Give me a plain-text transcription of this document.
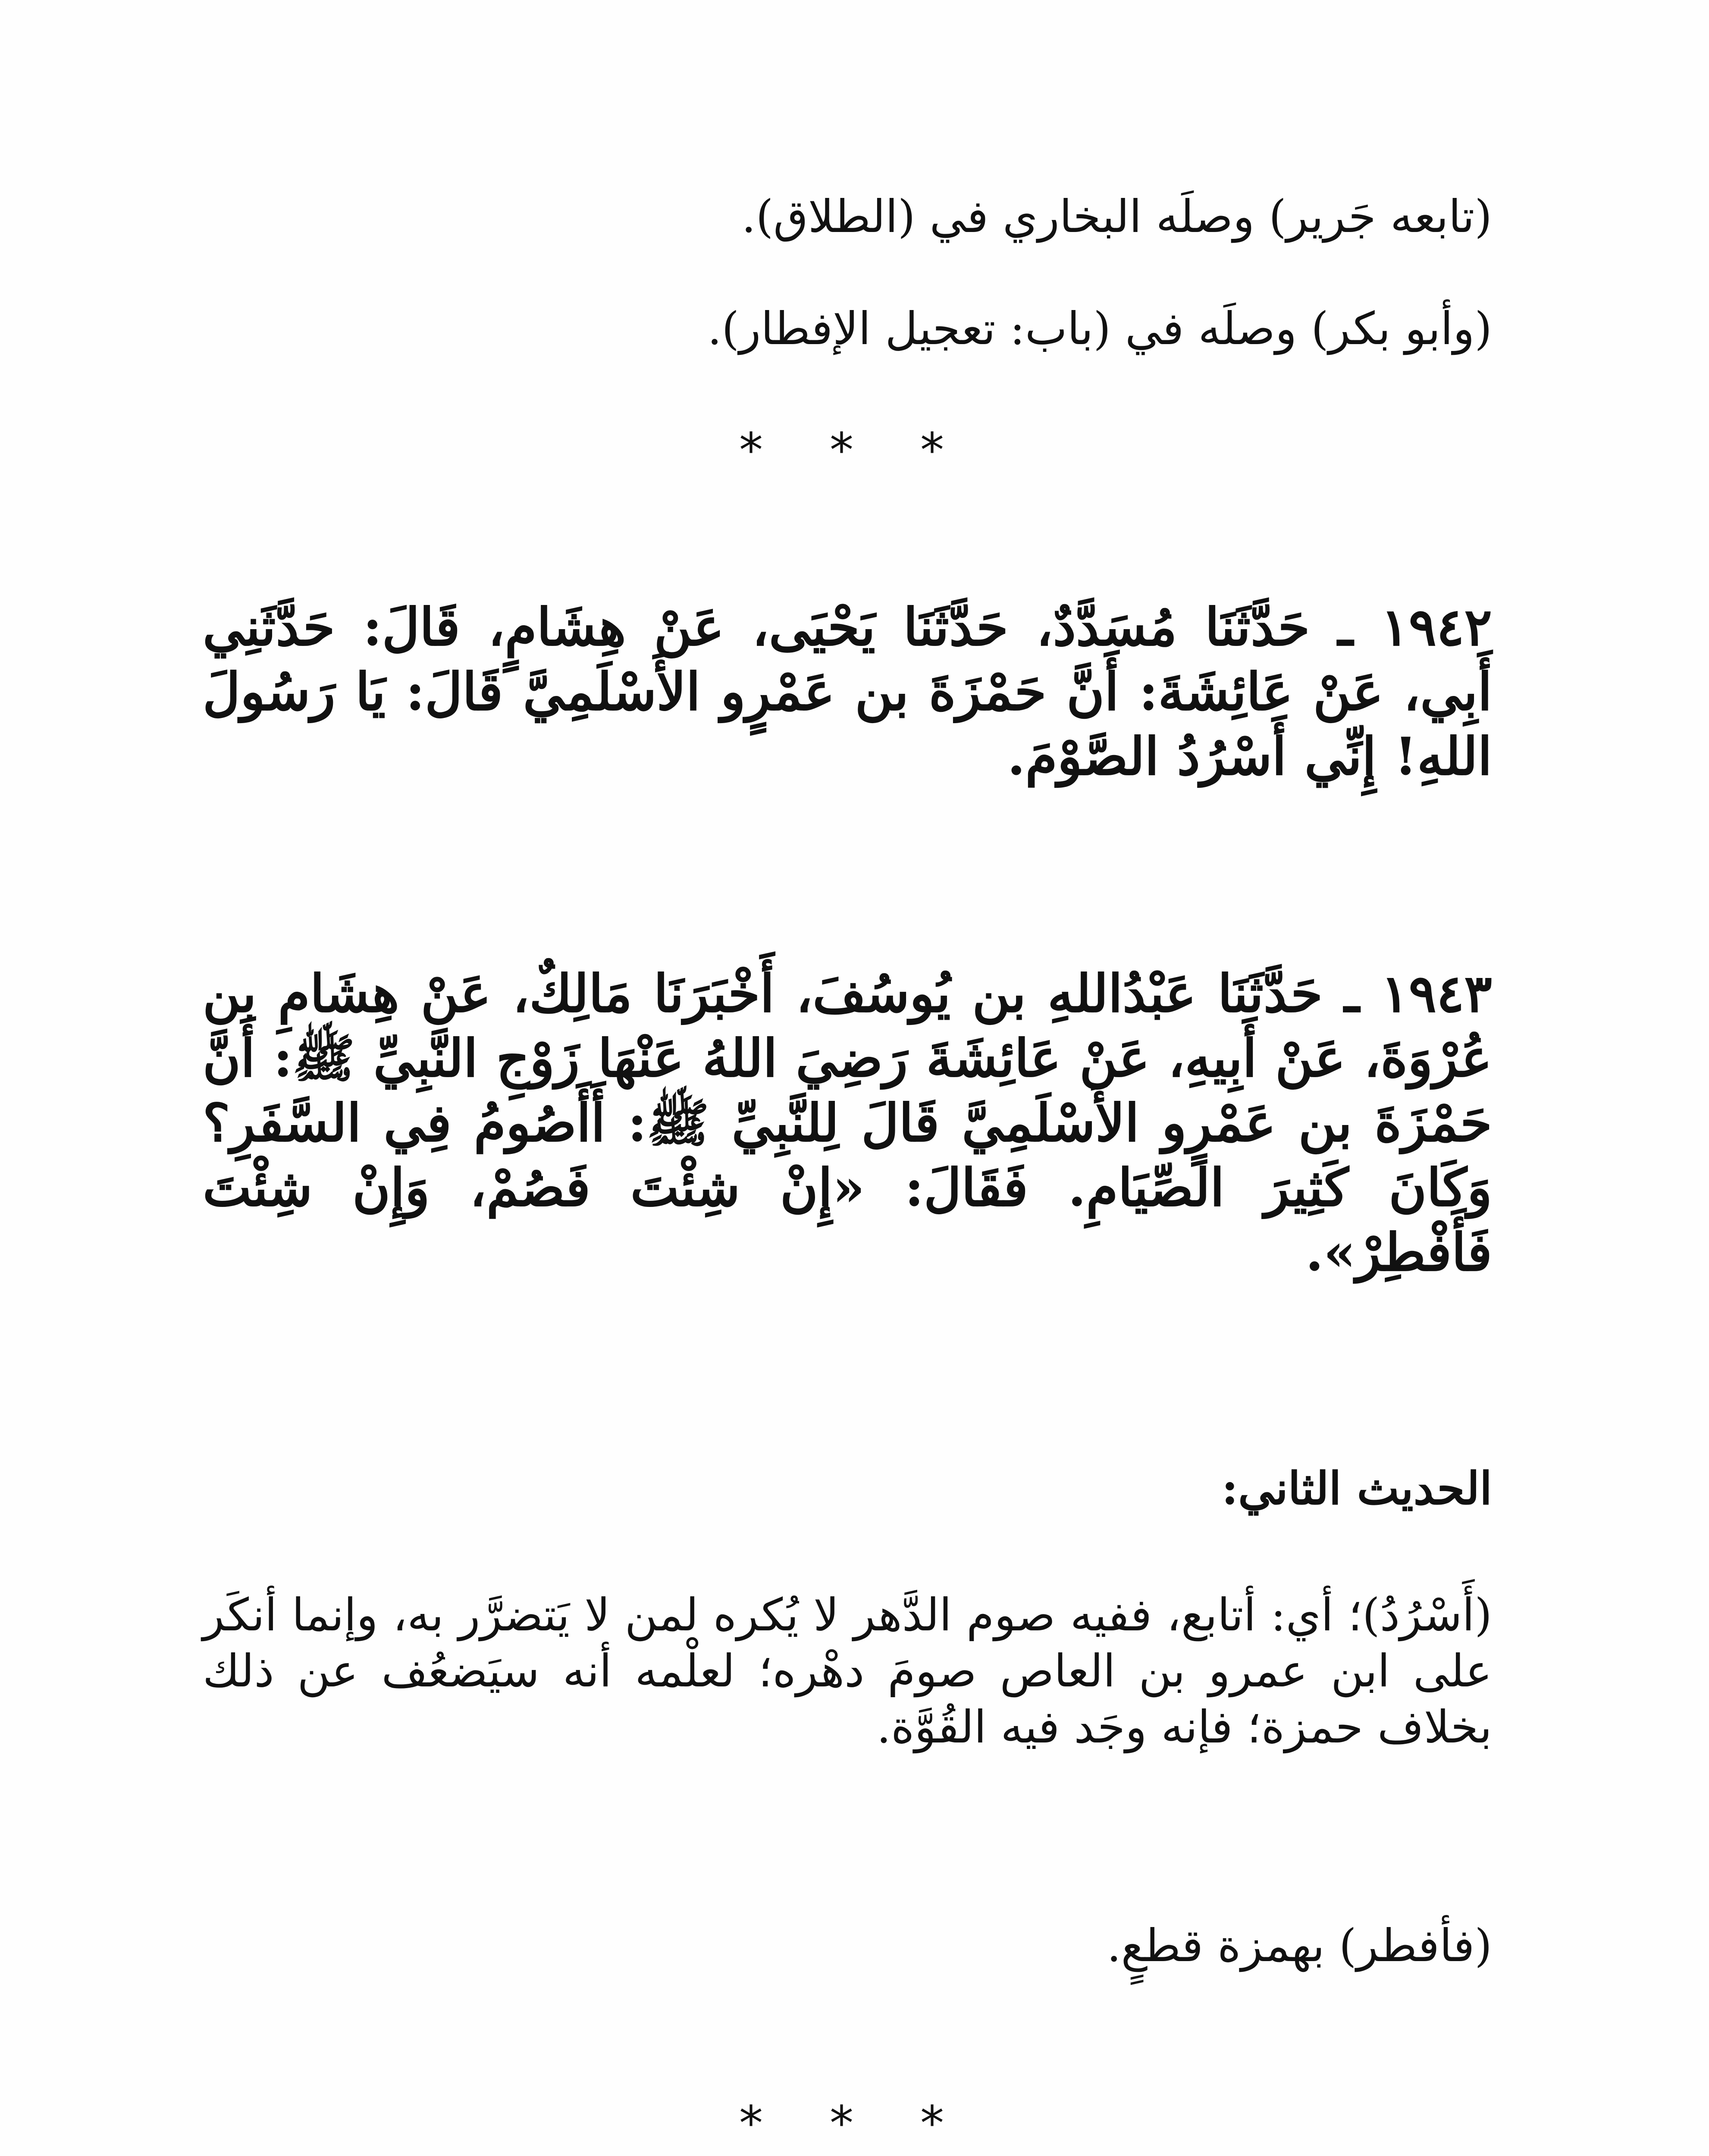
(تابعه جَرير) وصلَه البخاري في (الطلاق).
(وأبو بكر) وصلَه في (باب: تعجيل الإفطار).
* * *
١٩٤٢ ـ حَدَّثَنَا مُسَدَّدٌ، حَدَّثَنَا يَحْيَى، عَنْ هِشَامٍ، قَالَ: حَدَّثَنِي أَبِي، عَنْ عَائِشَةَ: أَنَّ حَمْزَةَ بن عَمْرٍو الأَسْلَمِيَّ قَالَ: يَا رَسُولَ اللهِ! إِنِّي أَسْرُدُ الصَّوْمَ.
١٩٤٣ ـ حَدَّثَنَا عَبْدُاللهِ بن يُوسُفَ، أَخْبَرَنَا مَالِكٌ، عَنْ هِشَامِ بن عُرْوَةَ، عَنْ أَبِيهِ، عَنْ عَائِشَةَ رَضِيَ اللهُ عَنْهَا زَوْجِ النَّبِيِّ ﷺ: أَنَّ حَمْزَةَ بن عَمْرٍو الأَسْلَمِيَّ قَالَ لِلنَّبِيِّ ﷺ: أَأَصُومُ فِي السَّفَرِ؟ وَكَانَ كَثِيرَ الصِّيَامِ. فَقَالَ: «إِنْ شِئْتَ فَصُمْ، وَإِنْ شِئْتَ فَأَفْطِرْ».
الحديث الثاني:
(أَسْرُدُ)؛ أي: أتابع، ففيه صوم الدَّهر لا يُكره لمن لا يَتضرَّر به، وإنما أنكَر على ابن عمرو بن العاص صومَ دهْره؛ لعلْمه أنه سيَضعُف عن ذلك بخلاف حمزة؛ فإنه وجَد فيه القُوَّة.
(فأفطر) بهمزة قطعٍ.
* * *
